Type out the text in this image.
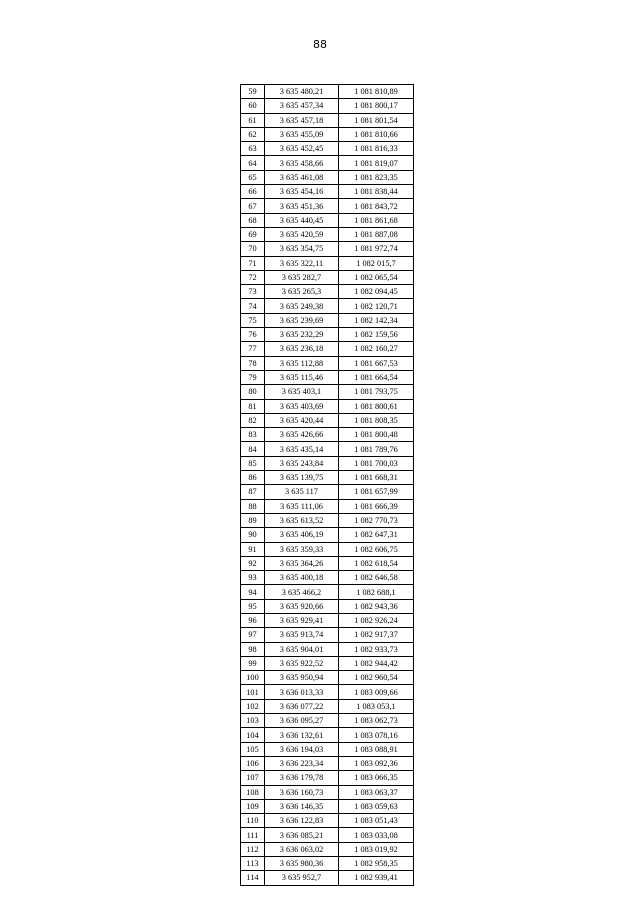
88
59	3 635 480,21	1 081 810,89
60	3 635 457,34	1 081 800,17
61	3 635 457,18	1 081 801,54
62	3 635 455,09	1 081 810,66
63	3 635 452,45	1 081 816,33
64	3 635 458,66	1 081 819,07
65	3 635 461,08	1 081 823,35
66	3 635 454,16	1 081 838,44
67	3 635 451,36	1 081 843,72
68	3 635 440,45	1 081 861,68
69	3 635 420,59	1 081 887,08
70	3 635 354,75	1 081 972,74
71	3 635 322,11	1 082 015,7
72	3 635 282,7	1 082 065,54
73	3 635 265,3	1 082 094,45
74	3 635 249,38	1 082 120,71
75	3 635 239,69	1 082 142,34
76	3 635 232,29	1 082 159,56
77	3 635 236,18	1 082 160,27
78	3 635 112,88	1 081 667,53
79	3 635 115,46	1 081 664,54
80	3 635 403,1	1 081 793,75
81	3 635 403,69	1 081 800,61
82	3 635 420,44	1 081 808,35
83	3 635 426,66	1 081 800,48
84	3 635 435,14	1 081 789,76
85	3 635 243,84	1 081 700,03
86	3 635 139,75	1 081 668,31
87	3 635 117	1 081 657,99
88	3 635 111,06	1 081 666,39
89	3 635 613,52	1 082 770,73
90	3 635 406,19	1 082 647,31
91	3 635 359,33	1 082 606,75
92	3 635 364,26	1 082 618,54
93	3 635 400,18	1 082 646,58
94	3 635 466,2	1 082 688,1
95	3 635 920,66	1 082 943,36
96	3 635 929,41	1 082 926,24
97	3 635 913,74	1 082 917,37
98	3 635 904,01	1 082 933,73
99	3 635 922,52	1 082 944,42
100	3 635 950,94	1 082 960,54
101	3 636 013,33	1 083 009,66
102	3 636 077,22	1 083 053,1
103	3 636 095,27	1 083 062,73
104	3 636 132,61	1 083 078,16
105	3 636 194,03	1 083 088,91
106	3 636 223,34	1 083 092,36
107	3 636 179,78	1 083 066,35
108	3 636 160,73	1 083 063,37
109	3 636 146,35	1 083 059,63
110	3 636 122,83	1 083 051,43
111	3 636 085,21	1 083 033,08
112	3 636 063,02	1 083 019,92
113	3 635 980,36	1 082 958,35
114	3 635 952,7	1 082 939,41
